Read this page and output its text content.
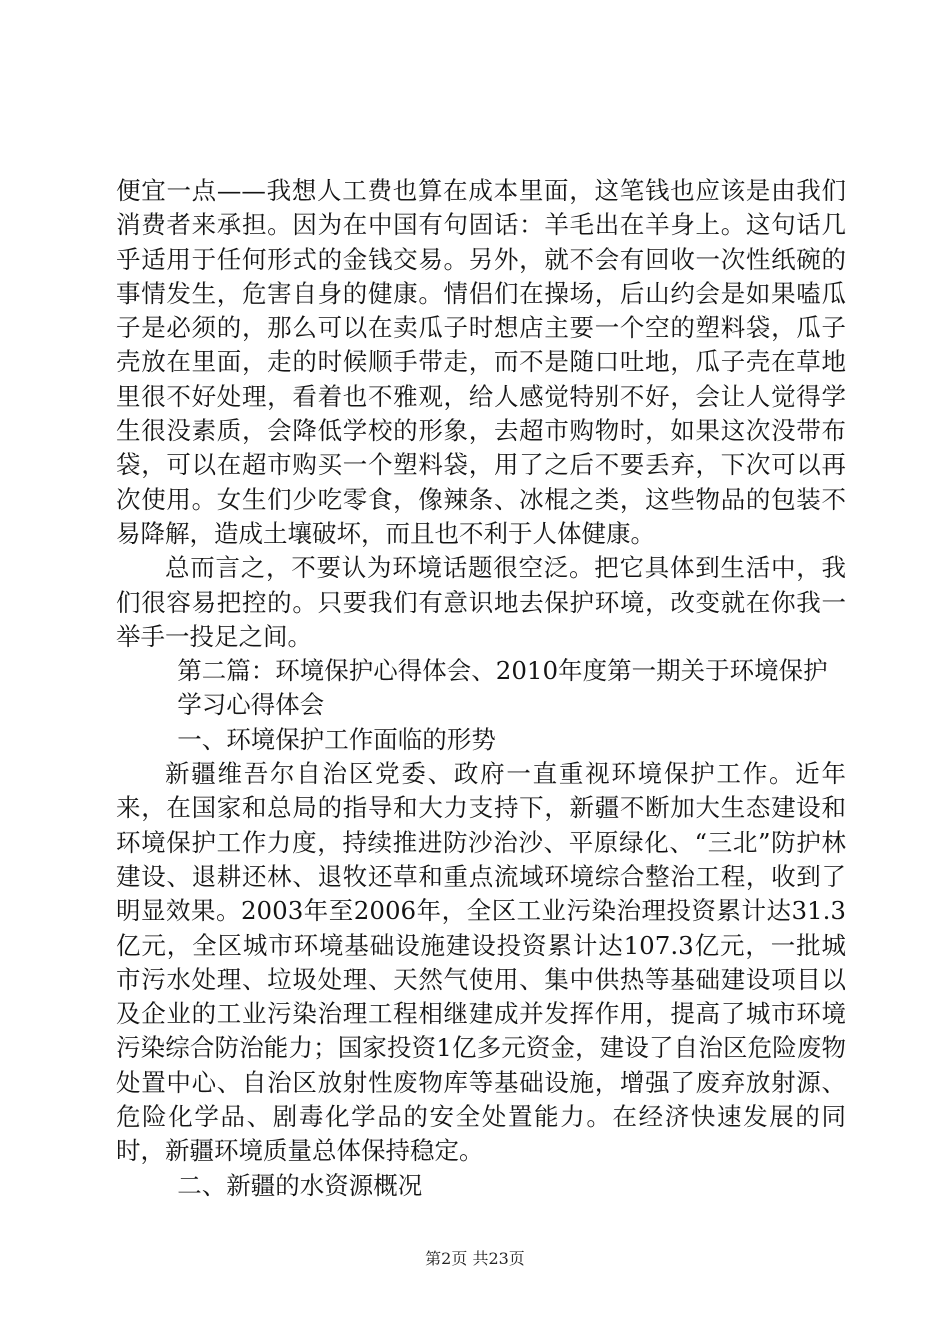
便宜一点——我想人工费也算在成本里面，这笔钱也应该是由我们消费者来承担。因为在中国有句固话：羊毛出在羊身上。这句话几乎适用于任何形式的金钱交易。另外，就不会有回收一次性纸碗的事情发生，危害自身的健康。情侣们在操场，后山约会是如果嗑瓜子是必须的，那么可以在卖瓜子时想店主要一个空的塑料袋，瓜子壳放在里面，走的时候顺手带走，而不是随口吐地，瓜子壳在草地里很不好处理，看着也不雅观，给人感觉特别不好，会让人觉得学生很没素质，会降低学校的形象，去超市购物时，如果这次没带布袋，可以在超市购买一个塑料袋，用了之后不要丢弃，下次可以再次使用。女生们少吃零食，像辣条、冰棍之类，这些物品的包装不易降解，造成土壤破坏，而且也不利于人体健康。

总而言之，不要认为环境话题很空泛。把它具体到生活中，我们很容易把控的。只要我们有意识地去保护环境，改变就在你我一举手一投足之间。

第二篇：环境保护心得体会、2010年度第一期关于环境保护

学习心得体会

一、环境保护工作面临的形势

新疆维吾尔自治区党委、政府一直重视环境保护工作。近年来，在国家和总局的指导和大力支持下，新疆不断加大生态建设和环境保护工作力度，持续推进防沙治沙、平原绿化、“三北”防护林建设、退耕还林、退牧还草和重点流域环境综合整治工程，收到了明显效果。2003年至2006年，全区工业污染治理投资累计达31.3亿元，全区城市环境基础设施建设投资累计达107.3亿元，一批城市污水处理、垃圾处理、天然气使用、集中供热等基础建设项目以及企业的工业污染治理工程相继建成并发挥作用，提高了城市环境污染综合防治能力；国家投资1亿多元资金，建设了自治区危险废物处置中心、自治区放射性废物库等基础设施，增强了废弃放射源、危险化学品、剧毒化学品的安全处置能力。在经济快速发展的同时，新疆环境质量总体保持稳定。

二、新疆的水资源概况

第2页 共23页
